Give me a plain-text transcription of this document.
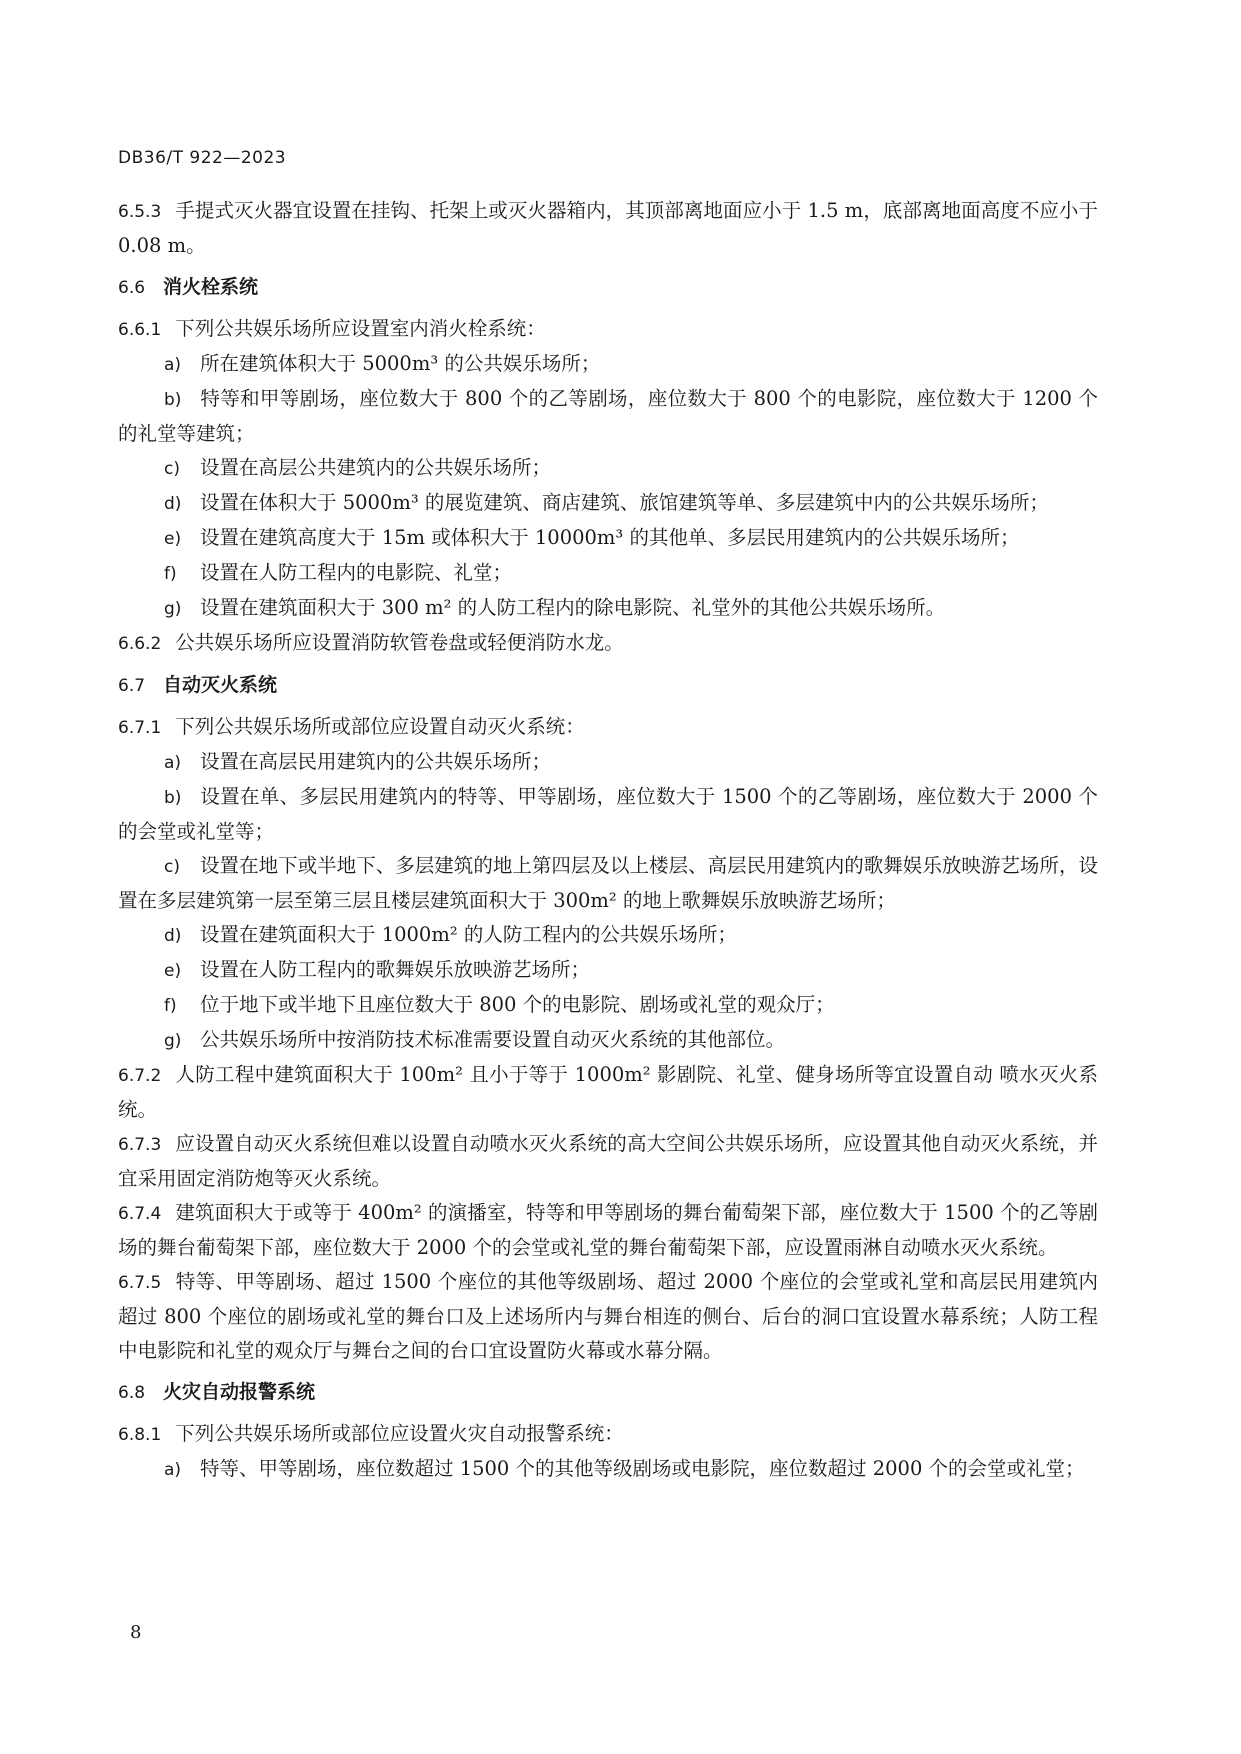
DB36/T 922—2023

6.5.3 手提式灭火器宜设置在挂钩、托架上或灭火器箱内，其顶部离地面应小于 1.5 m，底部离地面高度不应小于 0.08 m。

6.6 消火栓系统

6.6.1 下列公共娱乐场所应设置室内消火栓系统：

a) 所在建筑体积大于 5000m³ 的公共娱乐场所；

b) 特等和甲等剧场，座位数大于 800 个的乙等剧场，座位数大于 800 个的电影院，座位数大于 1200 个的礼堂等建筑；

c) 设置在高层公共建筑内的公共娱乐场所；

d) 设置在体积大于 5000m³ 的展览建筑、商店建筑、旅馆建筑等单、多层建筑中内的公共娱乐场所；

e) 设置在建筑高度大于 15m 或体积大于 10000m³ 的其他单、多层民用建筑内的公共娱乐场所；

f) 设置在人防工程内的电影院、礼堂；

g) 设置在建筑面积大于 300 m² 的人防工程内的除电影院、礼堂外的其他公共娱乐场所。

6.6.2 公共娱乐场所应设置消防软管卷盘或轻便消防水龙。

6.7 自动灭火系统

6.7.1 下列公共娱乐场所或部位应设置自动灭火系统：

a) 设置在高层民用建筑内的公共娱乐场所；

b) 设置在单、多层民用建筑内的特等、甲等剧场，座位数大于 1500 个的乙等剧场，座位数大于 2000 个的会堂或礼堂等；

c) 设置在地下或半地下、多层建筑的地上第四层及以上楼层、高层民用建筑内的歌舞娱乐放映游艺场所，设置在多层建筑第一层至第三层且楼层建筑面积大于 300m² 的地上歌舞娱乐放映游艺场所；

d) 设置在建筑面积大于 1000m² 的人防工程内的公共娱乐场所；

e) 设置在人防工程内的歌舞娱乐放映游艺场所；

f) 位于地下或半地下且座位数大于 800 个的电影院、剧场或礼堂的观众厅；

g) 公共娱乐场所中按消防技术标准需要设置自动灭火系统的其他部位。

6.7.2 人防工程中建筑面积大于 100m² 且小于等于 1000m² 影剧院、礼堂、健身场所等宜设置自动 喷水灭火系统。

6.7.3 应设置自动灭火系统但难以设置自动喷水灭火系统的高大空间公共娱乐场所，应设置其他自动灭火系统，并宜采用固定消防炮等灭火系统。

6.7.4 建筑面积大于或等于 400m² 的演播室，特等和甲等剧场的舞台葡萄架下部，座位数大于 1500 个的乙等剧场的舞台葡萄架下部，座位数大于 2000 个的会堂或礼堂的舞台葡萄架下部，应设置雨淋自动喷水灭火系统。

6.7.5 特等、甲等剧场、超过 1500 个座位的其他等级剧场、超过 2000 个座位的会堂或礼堂和高层民用建筑内超过 800 个座位的剧场或礼堂的舞台口及上述场所内与舞台相连的侧台、后台的洞口宜设置水幕系统；人防工程中电影院和礼堂的观众厅与舞台之间的台口宜设置防火幕或水幕分隔。

6.8 火灾自动报警系统

6.8.1 下列公共娱乐场所或部位应设置火灾自动报警系统：

a) 特等、甲等剧场，座位数超过 1500 个的其他等级剧场或电影院，座位数超过 2000 个的会堂或礼堂；

8
